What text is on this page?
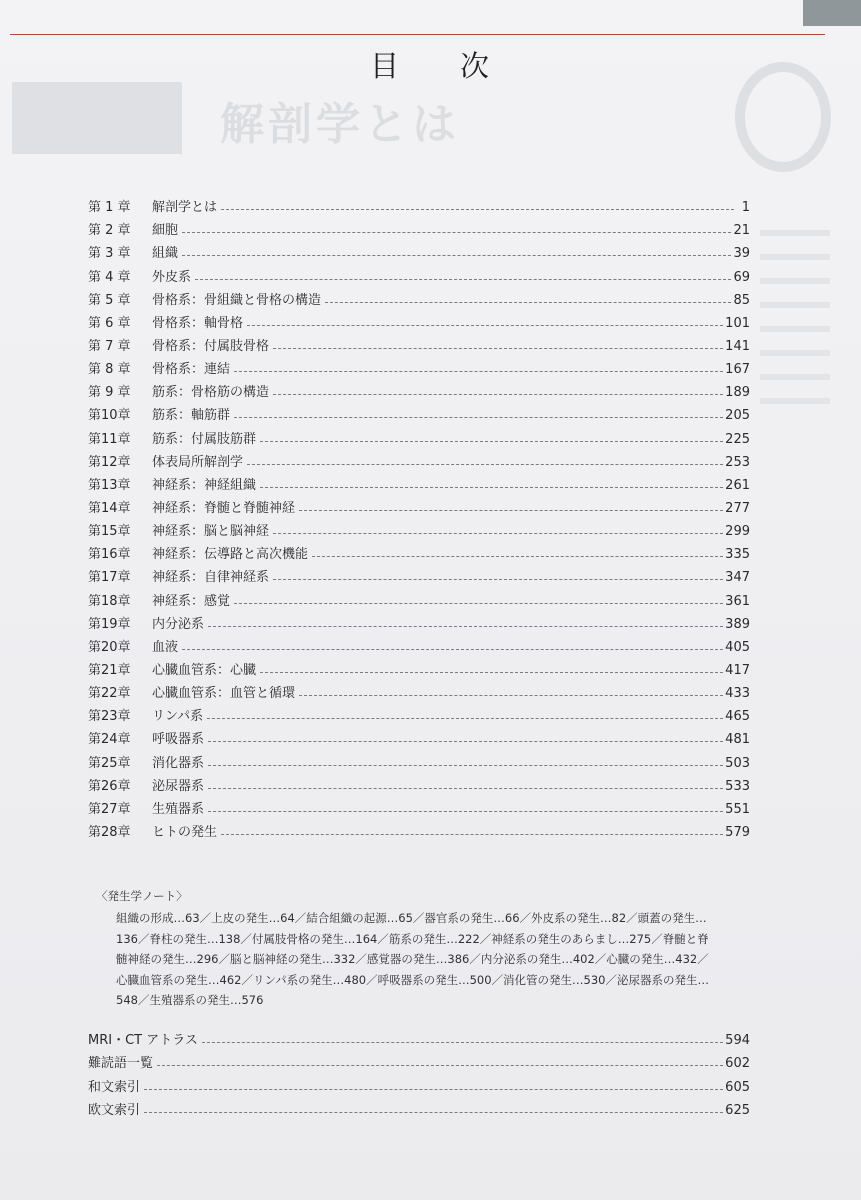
解剖学とは
目　次
第 1 章	解剖学とは	1
第 2 章	細胞	21
第 3 章	組織	39
第 4 章	外皮系	69
第 5 章	骨格系：骨組織と骨格の構造	85
第 6 章	骨格系：軸骨格	101
第 7 章	骨格系：付属肢骨格	141
第 8 章	骨格系：連結	167
第 9 章	筋系：骨格筋の構造	189
第10章	筋系：軸筋群	205
第11章	筋系：付属肢筋群	225
第12章	体表局所解剖学	253
第13章	神経系：神経組織	261
第14章	神経系：脊髄と脊髄神経	277
第15章	神経系：脳と脳神経	299
第16章	神経系：伝導路と高次機能	335
第17章	神経系：自律神経系	347
第18章	神経系：感覚	361
第19章	内分泌系	389
第20章	血液	405
第21章	心臓血管系：心臓	417
第22章	心臓血管系：血管と循環	433
第23章	リンパ系	465
第24章	呼吸器系	481
第25章	消化器系	503
第26章	泌尿器系	533
第27章	生殖器系	551
第28章	ヒトの発生	579
〈発生学ノート〉
組織の形成…63／上皮の発生…64／結合組織の起源…65／器官系の発生…66／外皮系の発生…82／頭蓋の発生…
136／脊柱の発生…138／付属肢骨格の発生…164／筋系の発生…222／神経系の発生のあらまし…275／脊髄と脊
髄神経の発生…296／脳と脳神経の発生…332／感覚器の発生…386／内分泌系の発生…402／心臓の発生…432／
心臓血管系の発生…462／リンパ系の発生…480／呼吸器系の発生…500／消化管の発生…530／泌尿器系の発生…
548／生殖器系の発生…576
MRI・CT アトラス	594
難読語一覧	602
和文索引	605
欧文索引	625
